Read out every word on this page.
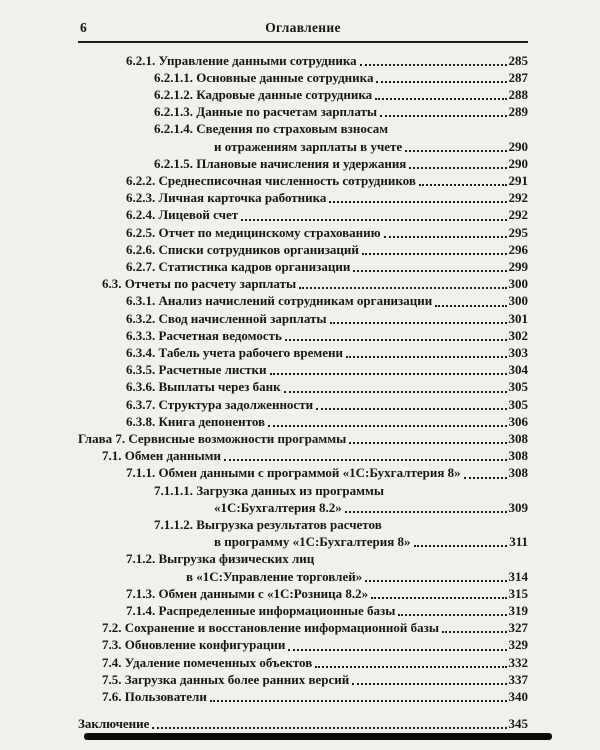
6	Оглавление
6.2.1. Управление данными сотрудника	285
6.2.1.1. Основные данные сотрудника	287
6.2.1.2. Кадровые данные сотрудника	288
6.2.1.3. Данные по расчетам зарплаты	289
6.2.1.4. Сведения по страховым взносам
и отражениям зарплаты в учете	290
6.2.1.5. Плановые начисления и удержания	290
6.2.2. Среднесписочная численность сотрудников	291
6.2.3. Личная карточка работника	292
6.2.4. Лицевой счет	292
6.2.5. Отчет по медицинскому страхованию	295
6.2.6. Списки сотрудников организаций	296
6.2.7. Статистика кадров организации	299
6.3. Отчеты по расчету зарплаты	300
6.3.1. Анализ начислений сотрудникам организации	300
6.3.2. Свод начисленной зарплаты	301
6.3.3. Расчетная ведомость	302
6.3.4. Табель учета рабочего времени	303
6.3.5. Расчетные листки	304
6.3.6. Выплаты через банк	305
6.3.7. Структура задолженности	305
6.3.8. Книга депонентов	306
Глава 7. Сервисные возможности программы	308
7.1. Обмен данными	308
7.1.1. Обмен данными с программой «1С:Бухгалтерия 8»	308
7.1.1.1. Загрузка данных из программы
«1С:Бухгалтерия 8.2»	309
7.1.1.2. Выгрузка результатов расчетов
в программу «1С:Бухгалтерия 8»	311
7.1.2. Выгрузка физических лиц
в «1С:Управление торговлей»	314
7.1.3. Обмен данными с «1С:Розница 8.2»	315
7.1.4. Распределенные информационные базы	319
7.2. Сохранение и восстановление информационной базы	327
7.3. Обновление конфигурации	329
7.4. Удаление помеченных объектов	332
7.5. Загрузка данных более ранних версий	337
7.6. Пользователи	340
Заключение	345
